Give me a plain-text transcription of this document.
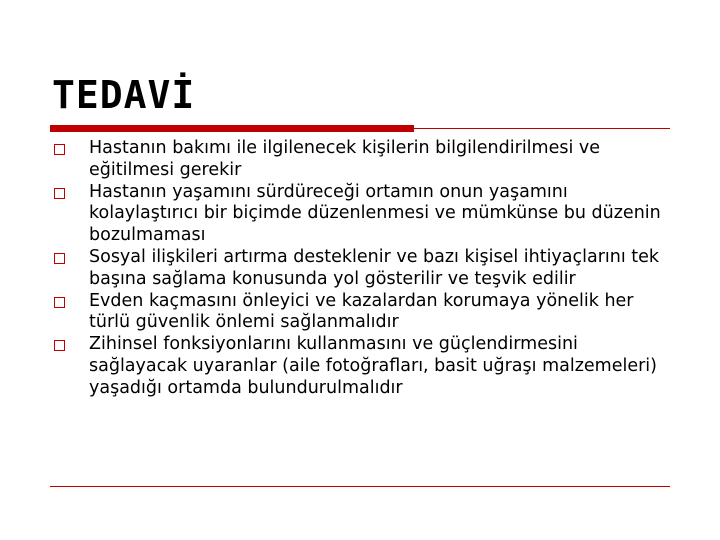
TEDAVİ
Hastanın bakımı ile ilgilenecek kişilerin bilgilendirilmesi ve eğitilmesi gerekir
Hastanın yaşamını sürdüreceği ortamın onun yaşamını kolaylaştırıcı bir biçimde düzenlenmesi ve mümkünse bu düzenin bozulmaması
Sosyal ilişkileri artırma desteklenir ve bazı kişisel ihtiyaçlarını tek başına sağlama konusunda yol gösterilir ve teşvik edilir
Evden kaçmasını önleyici ve kazalardan korumaya yönelik her türlü güvenlik önlemi sağlanmalıdır
Zihinsel fonksiyonlarını kullanmasını ve güçlendirmesini sağlayacak uyaranlar (aile fotoğrafları, basit uğraşı malzemeleri) yaşadığı ortamda bulundurulmalıdır
